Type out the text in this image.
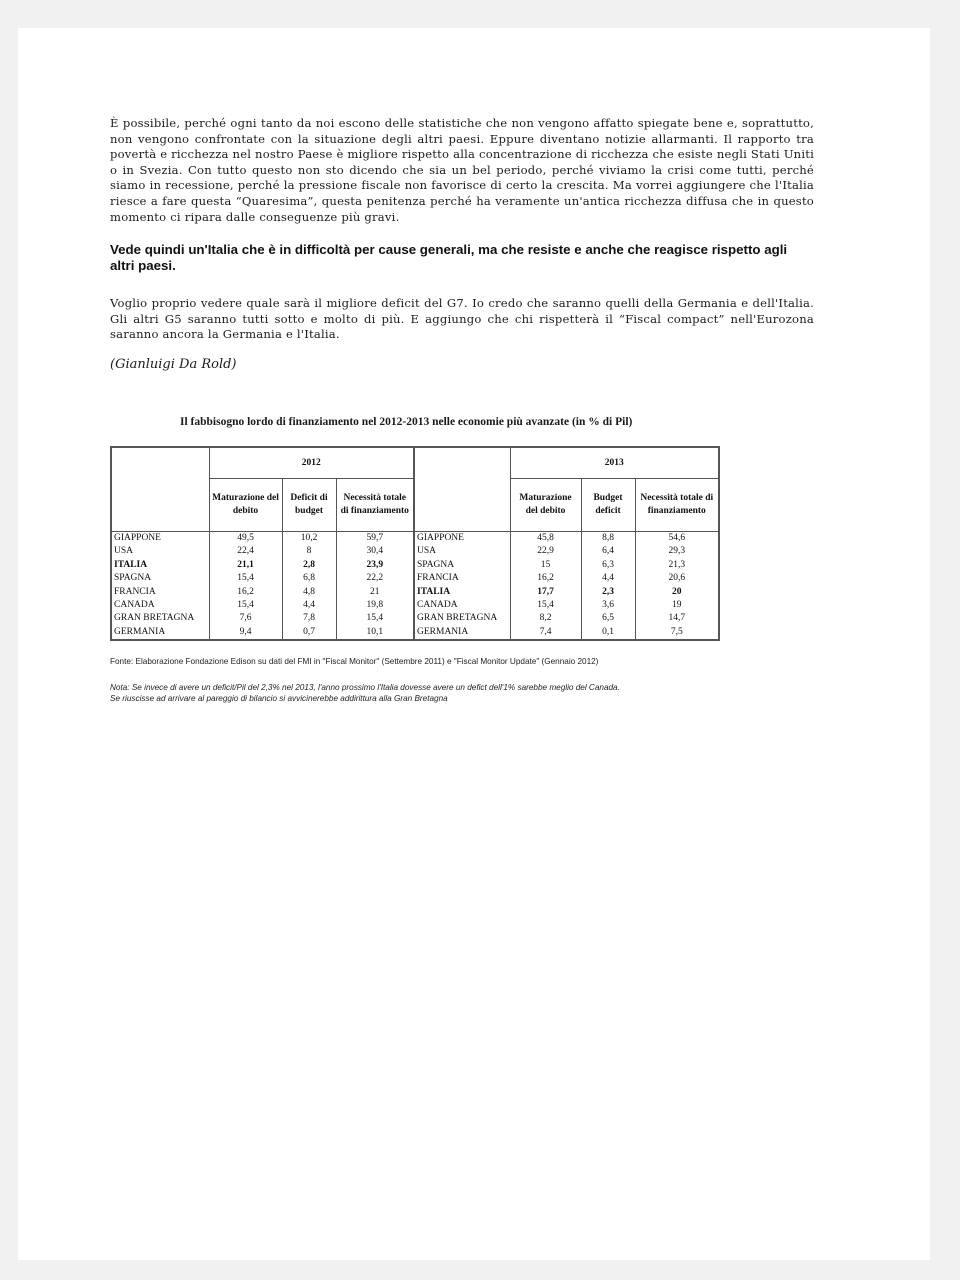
È possibile, perché ogni tanto da noi escono delle statistiche che non vengono affatto spiegate bene e, soprattutto, non vengono confrontate con la situazione degli altri paesi. Eppure diventano notizie allarmanti. Il rapporto tra povertà e ricchezza nel nostro Paese è migliore rispetto alla concentrazione di ricchezza che esiste negli Stati Uniti o in Svezia. Con tutto questo non sto dicendo che sia un bel periodo, perché viviamo la crisi come tutti, perché siamo in recessione, perché la pressione fiscale non favorisce di certo la crescita. Ma vorrei aggiungere che l'Italia riesce a fare questa “Quaresima”, questa penitenza perché ha veramente un'antica ricchezza diffusa che in questo momento ci ripara dalle conseguenze più gravi.

Vede quindi un'Italia che è in difficoltà per cause generali, ma che resiste e anche che reagisce rispetto agli altri paesi.

Voglio proprio vedere quale sarà il migliore deficit del G7. Io credo che saranno quelli della Germania e dell'Italia. Gli altri G5 saranno tutti sotto e molto di più. E aggiungo che chi rispetterà il “Fiscal compact” nell'Eurozona saranno ancora la Germania e l'Italia.

(Gianluigi Da Rold)

Il fabbisogno lordo di finanziamento nel 2012-2013 nelle economie più avanzate (in % di Pil)
	2012				2013		
	Maturazione del debito	Deficit di budget	Necessità totale di finanziamento		Maturazione del debito	Budget deficit	Necessità totale di finanziamento
GIAPPONE	49,5	10,2	59,7	GIAPPONE	45,8	8,8	54,6
USA	22,4	8	30,4	USA	22,9	6,4	29,3
ITALIA	21,1	2,8	23,9	SPAGNA	15	6,3	21,3
SPAGNA	15,4	6,8	22,2	FRANCIA	16,2	4,4	20,6
FRANCIA	16,2	4,8	21	ITALIA	17,7	2,3	20
CANADA	15,4	4,4	19,8	CANADA	15,4	3,6	19
GRAN BRETAGNA	7,6	7,8	15,4	GRAN BRETAGNA	8,2	6,5	14,7
GERMANIA	9,4	0,7	10,1	GERMANIA	7,4	0,1	7,5
Fonte: Elaborazione Fondazione Edison su dati del FMI in "Fiscal Monitor" (Settembre 2011) e "Fiscal Monitor Update" (Gennaio 2012)
Nota: Se invece di avere un deficit/Pil del 2,3% nel 2013, l'anno prossimo l'Italia dovesse avere un defict dell'1% sarebbe meglio del Canada.
Se riuscisse ad arrivare al pareggio di bilancio si avvicinerebbe addirittura alla Gran Bretagna
